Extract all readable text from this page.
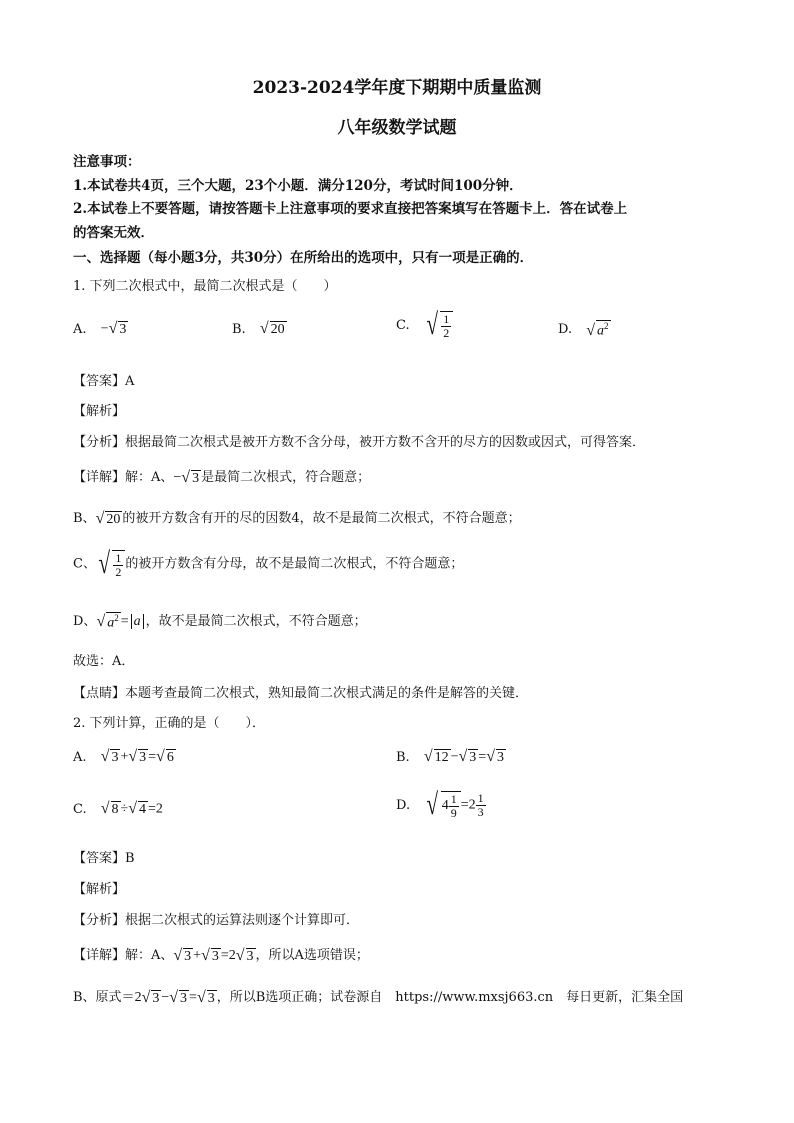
2023-2024学年度下期期中质量监测
八年级数学试题
注意事项：
1.本试卷共4页，三个大题，23个小题．满分120分，考试时间100分钟．
2.本试卷上不要答题，请按答题卡上注意事项的要求直接把答案填写在答题卡上．答在试卷上
的答案无效．
一、选择题（每小题3分，共30分）在所给出的选项中，只有一项是正确的．
1. 下列二次根式中，最简二次根式是（　　）
A. −√ 3	B. √ 20	C. √ $\frac{1}{2}$	D. √ $a^2$
【答案】A
【解析】
【分析】根据最简二次根式是被开方数不含分母，被开方数不含开的尽方的因数或因式，可得答案．
【详解】解：A、−√ 3 是最简二次根式，符合题意；
B、√ 20 的被开方数含有开的尽的因数4，故不是最简二次根式，不符合题意；
C、 √ $\frac{1}{2}$ 的被开方数含有分母，故不是最简二次根式，不符合题意；
D、√ $a^2 = a$ ，故不是最简二次根式，不符合题意；
故选：A．
【点睛】本题考查最简二次根式，熟知最简二次根式满足的条件是解答的关键．
2. 下列计算，正确的是（　　）．
A. √ 3 +√ 3 =√ 6	B. √ 12 −√ 3 =√ 3
C. √ 8 ÷√ 4 =2	D. √ $4 \frac{1}{9} =2 \frac{1}{3}$
【答案】B
【解析】
【分析】根据二次根式的运算法则逐个计算即可．
【详解】解：A、√ 3 +√ 3 =2√ 3 ，所以A选项错误；
B、原式＝2√ 3 −√ 3 =√ 3 ，所以B选项正确；试卷源自　https://www.mxsj663.cn　每日更新，汇集全国
